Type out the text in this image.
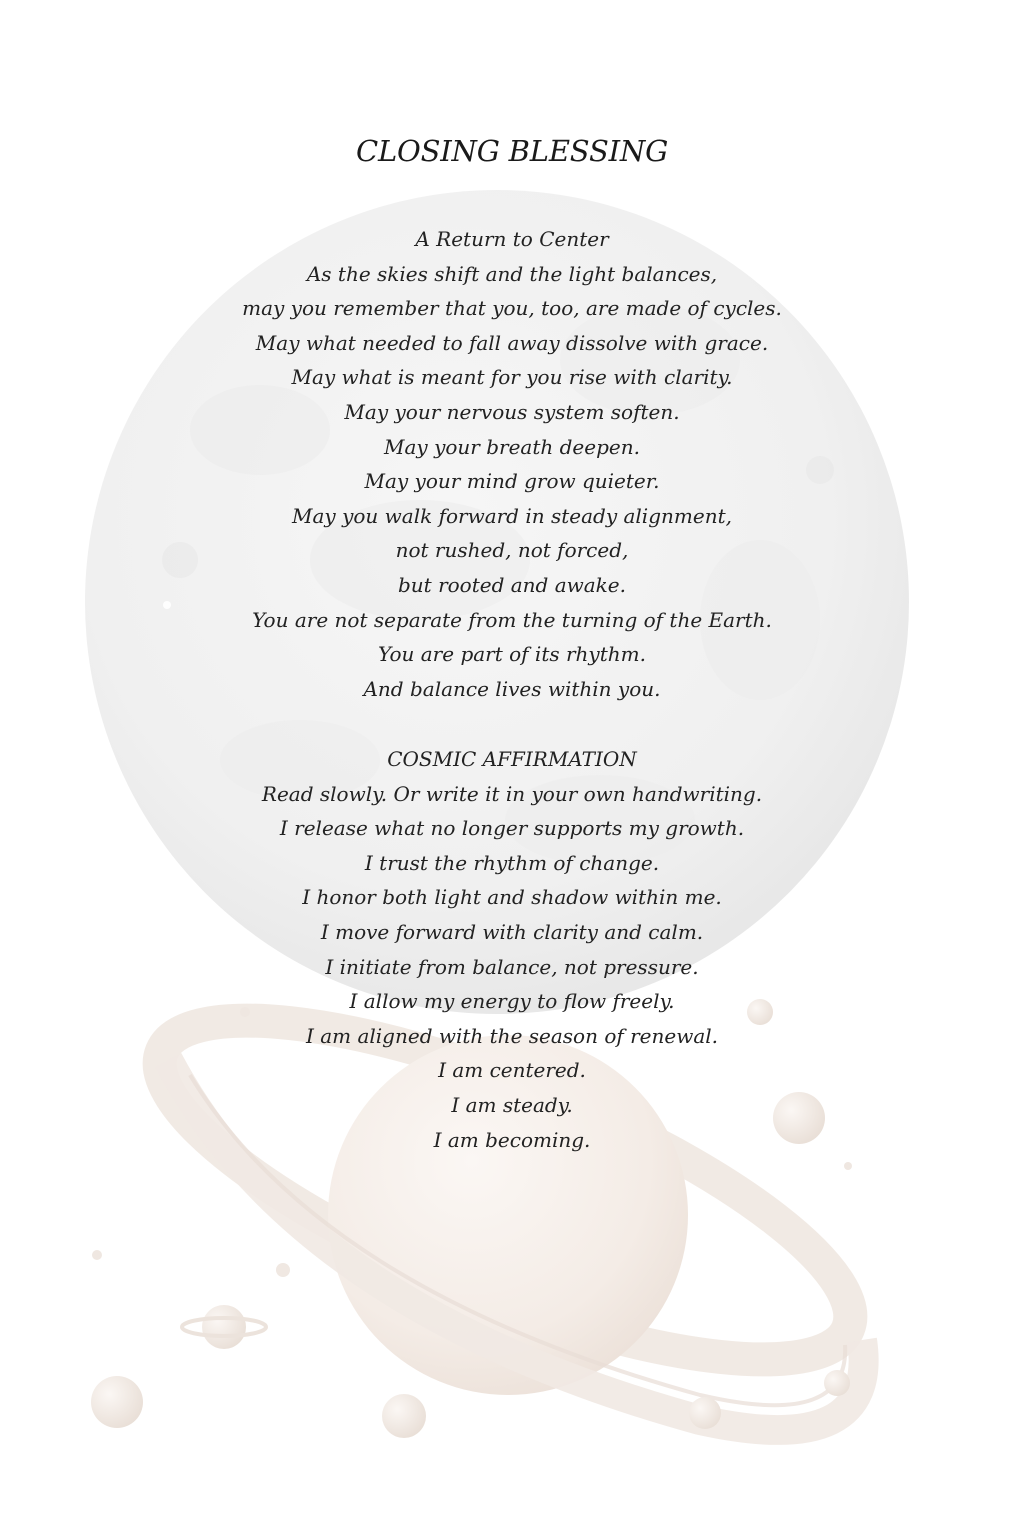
CLOSING BLESSING
A Return to Center
As the skies shift and the light balances,
may you remember that you, too, are made of cycles.
May what needed to fall away dissolve with grace.
May what is meant for you rise with clarity.
May your nervous system soften.
May your breath deepen.
May your mind grow quieter.
May you walk forward in steady alignment,
not rushed, not forced,
but rooted and awake.
You are not separate from the turning of the Earth.
You are part of its rhythm.
And balance lives within you.
COSMIC AFFIRMATION
Read slowly. Or write it in your own handwriting.
I release what no longer supports my growth.
I trust the rhythm of change.
I honor both light and shadow within me.
I move forward with clarity and calm.
I initiate from balance, not pressure.
I allow my energy to flow freely.
I am aligned with the season of renewal.
I am centered.
I am steady.
I am becoming.
